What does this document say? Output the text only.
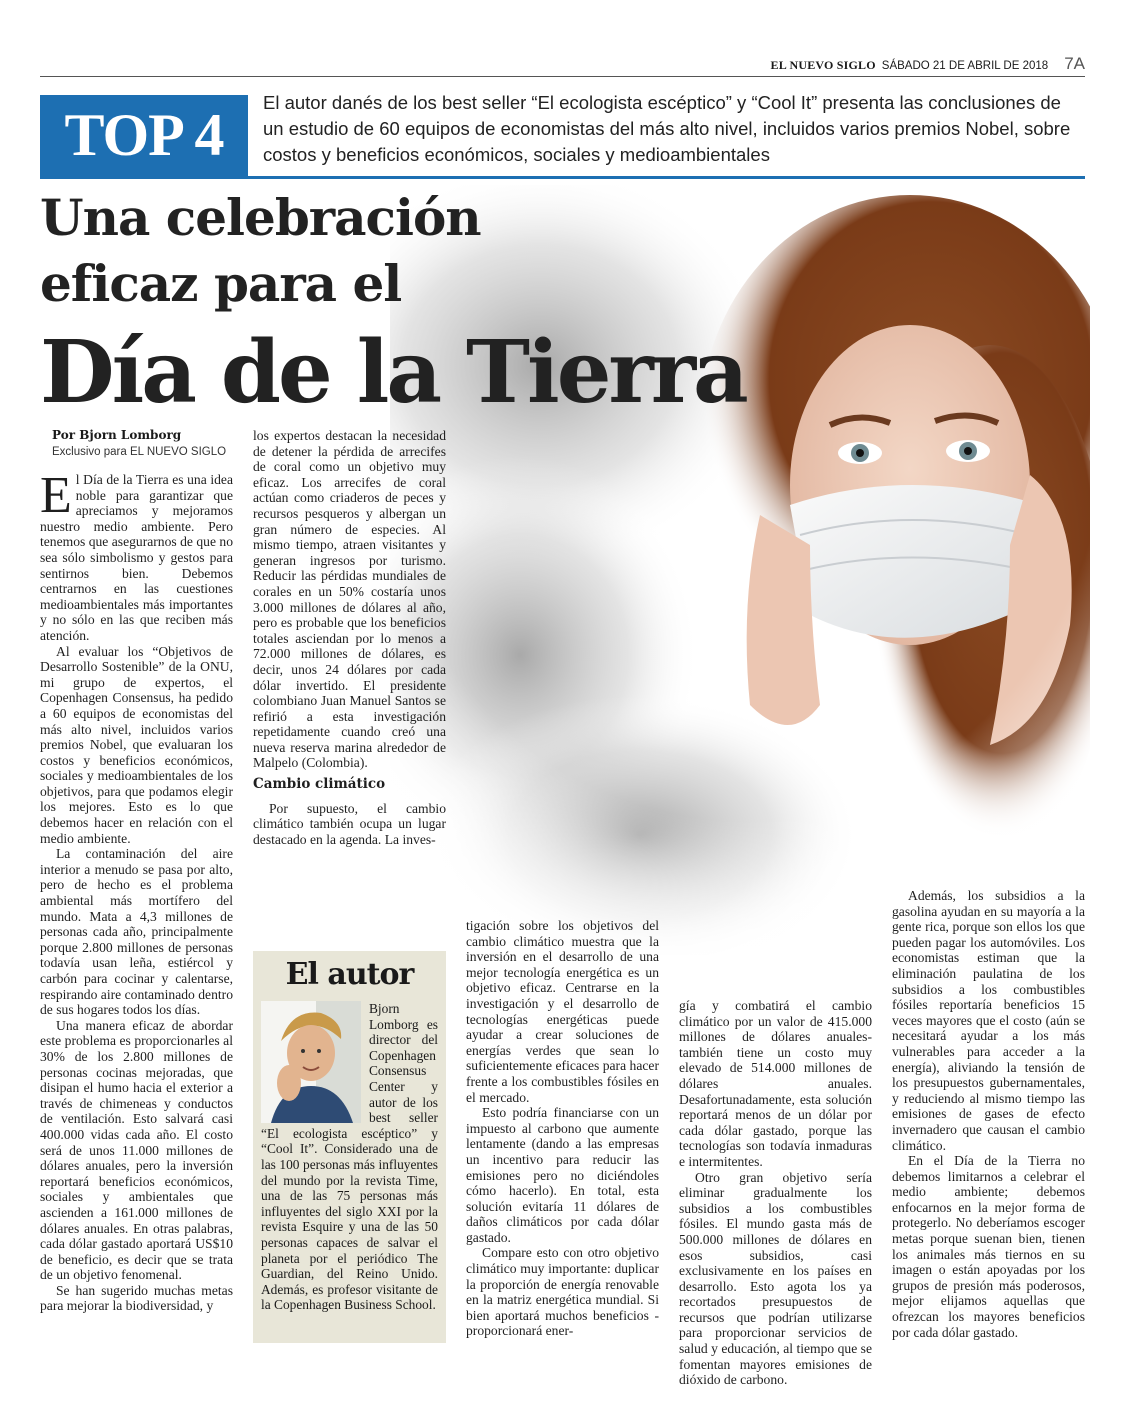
EL NUEVO SIGLO SÁBADO 21 DE ABRIL DE 2018 7A
TOP 4	El autor danés de los best seller “El ecologista escéptico” y “Cool It” presenta las conclusiones de un estudio de 60 equipos de economistas del más alto nivel, incluidos varios premios Nobel, sobre costos y beneficios económicos, sociales y medioambientales
Una celebración
eficaz para el
Día de la Tierra
Por Bjorn Lomborg
Exclusivo para EL NUEVO SIGLO

El Día de la Tierra es una idea noble para garantizar que apreciamos y mejoramos nuestro medio ambiente. Pero tenemos que asegurarnos de que no sea sólo simbolismo y gestos para sentirnos bien. Debemos centrarnos en las cuestiones medioambientales más importantes y no sólo en las que reciben más atención.

Al evaluar los “Objetivos de Desarrollo Sostenible” de la ONU, mi grupo de expertos, el Copenhagen Consensus, ha pedido a 60 equipos de economistas del más alto nivel, incluidos varios premios Nobel, que evaluaran los costos y beneficios económicos, sociales y medioambientales de los objetivos, para que podamos elegir los mejores. Esto es lo que debemos hacer en relación con el medio ambiente.

La contaminación del aire interior a menudo se pasa por alto, pero de hecho es el problema ambiental más mortífero del mundo. Mata a 4,3 millones de personas cada año, principalmente porque 2.800 millones de personas todavía usan leña, estiércol y carbón para cocinar y calentarse, respirando aire contaminado dentro de sus hogares todos los días.

Una manera eficaz de abordar este problema es proporcionarles al 30% de los 2.800 millones de personas cocinas mejoradas, que disipan el humo hacia el exterior a través de chimeneas y conductos de ventilación. Esto salvará casi 400.000 vidas cada año. El costo será de unos 11.000 millones de dólares anuales, pero la inversión reportará beneficios económicos, sociales y ambientales que ascienden a 161.000 millones de dólares anuales. En otras palabras, cada dólar gastado aportará US$10 de beneficio, es decir que se trata de un objetivo fenomenal.

Se han sugerido muchas metas para mejorar la biodiversidad, y

los expertos destacan la necesidad de detener la pérdida de arrecifes de coral como un objetivo muy eficaz. Los arrecifes de coral actúan como criaderos de peces y recursos pesqueros y albergan un gran número de especies. Al mismo tiempo, atraen visitantes y generan ingresos por turismo. Reducir las pérdidas mundiales de corales en un 50% costaría unos 3.000 millones de dólares al año, pero es probable que los beneficios totales asciendan por lo menos a 72.000 millones de dólares, es decir, unos 24 dólares por cada dólar invertido. El presidente colombiano Juan Manuel Santos se refirió a esta investigación repetidamente cuando creó una nueva reserva marina alrededor de Malpelo (Colombia).

Cambio climático

Por supuesto, el cambio climático también ocupa un lugar destacado en la agenda. La inves-

El autor
Bjorn Lomborg es director del Copenhagen Consensus Center y autor de los best seller “El ecologista escéptico” y “Cool It”. Considerado una de las 100 personas más influyentes del mundo por la revista Time, una de las 75 personas más influyentes del siglo XXI por la revista Esquire y una de las 50 personas capaces de salvar el planeta por el periódico The Guardian, del Reino Unido. Además, es profesor visitante de la Copenhagen Business School.

tigación sobre los objetivos del cambio climático muestra que la inversión en el desarrollo de una mejor tecnología energética es un objetivo eficaz. Centrarse en la investigación y el desarrollo de tecnologías energéticas puede ayudar a crear soluciones de energías verdes que sean lo suficientemente eficaces para hacer frente a los combustibles fósiles en el mercado.

Esto podría financiarse con un impuesto al carbono que aumente lentamente (dando a las empresas un incentivo para reducir las emisiones pero no diciéndoles cómo hacerlo). En total, esta solución evitaría 11 dólares de daños climáticos por cada dólar gastado.

Compare esto con otro objetivo climático muy importante: duplicar la proporción de energía renovable en la matriz energética mundial. Si bien aportará muchos beneficios -proporcionará ener-

gía y combatirá el cambio climático por un valor de 415.000 millones de dólares anuales- también tiene un costo muy elevado de 514.000 millones de dólares anuales. Desafortunadamente, esta solución reportará menos de un dólar por cada dólar gastado, porque las tecnologías son todavía inmaduras e intermitentes.

Otro gran objetivo sería eliminar gradualmente los subsidios a los combustibles fósiles. El mundo gasta más de 500.000 millones de dólares en esos subsidios, casi exclusivamente en los países en desarrollo. Esto agota los ya recortados presupuestos de recursos que podrían utilizarse para proporcionar servicios de salud y educación, al tiempo que se fomentan mayores emisiones de dióxido de carbono.

Además, los subsidios a la gasolina ayudan en su mayoría a la gente rica, porque son ellos los que pueden pagar los automóviles. Los economistas estiman que la eliminación paulatina de los subsidios a los combustibles fósiles reportaría beneficios 15 veces mayores que el costo (aún se necesitará ayudar a los más vulnerables para acceder a la energía), aliviando la tensión de los presupuestos gubernamentales, y reduciendo al mismo tiempo las emisiones de gases de efecto invernadero que causan el cambio climático.

En el Día de la Tierra no debemos limitarnos a celebrar el medio ambiente; debemos enfocarnos en la mejor forma de protegerlo. No deberíamos escoger metas porque suenan bien, tienen los animales más tiernos en su imagen o están apoyadas por los grupos de presión más poderosos, mejor elijamos aquellas que ofrezcan los mayores beneficios por cada dólar gastado.
